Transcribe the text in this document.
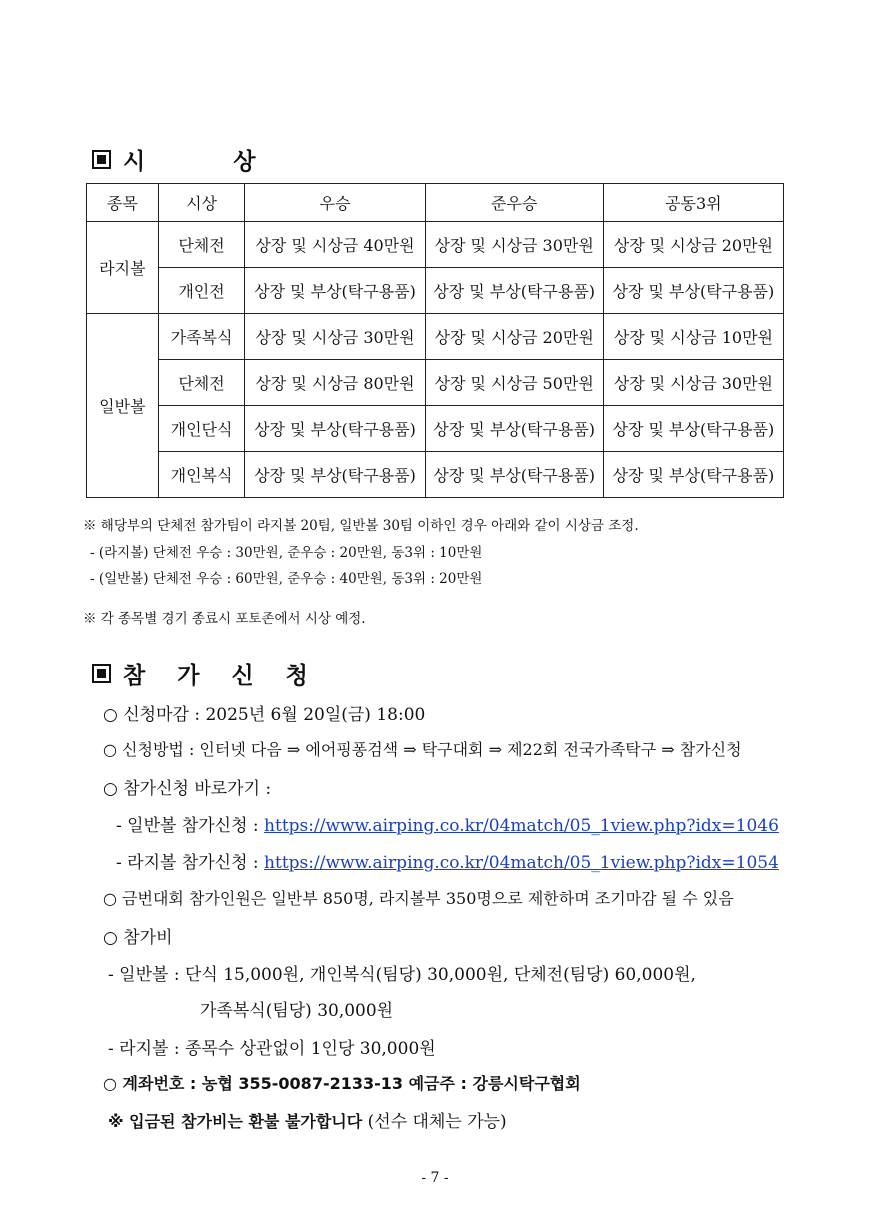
시 상
종목	시상	우승	준우승	공동3위
라지볼	단체전	상장 및 시상금 40만원	상장 및 시상금 30만원	상장 및 시상금 20만원
	개인전	상장 및 부상(탁구용품)	상장 및 부상(탁구용품)	상장 및 부상(탁구용품)
일반볼	가족복식	상장 및 시상금 30만원	상장 및 시상금 20만원	상장 및 시상금 10만원
	단체전	상장 및 시상금 80만원	상장 및 시상금 50만원	상장 및 시상금 30만원
	개인단식	상장 및 부상(탁구용품)	상장 및 부상(탁구용품)	상장 및 부상(탁구용품)
	개인복식	상장 및 부상(탁구용품)	상장 및 부상(탁구용품)	상장 및 부상(탁구용품)
※ 해당부의 단체전 참가팀이 라지볼 20팀, 일반볼 30팀 이하인 경우 아래와 같이 시상금 조정.
- (라지볼) 단체전 우승 : 30만원, 준우승 : 20만원, 동3위 : 10만원
- (일반볼) 단체전 우승 : 60만원, 준우승 : 40만원, 동3위 : 20만원
※ 각 종목별 경기 종료시 포토존에서 시상 예정.
참 가 신 청
○ 신청마감 : 2025년 6월 20일(금) 18:00
○ 신청방법 : 인터넷 다음 ⇒ 에어핑퐁검색 ⇒ 탁구대회 ⇒ 제22회 전국가족탁구 ⇒ 참가신청
○ 참가신청 바로가기 :
- 일반볼 참가신청 : https://www.airping.co.kr/04match/05_1view.php?idx=1046
- 라지볼 참가신청 : https://www.airping.co.kr/04match/05_1view.php?idx=1054
○ 금번대회 참가인원은 일반부 850명, 라지볼부 350명으로 제한하며 조기마감 될 수 있음
○ 참가비
- 일반볼 : 단식 15,000원, 개인복식(팀당) 30,000원, 단체전(팀당) 60,000원,
가족복식(팀당) 30,000원
- 라지볼 : 종목수 상관없이 1인당 30,000원
○ 계좌번호 : 농협 355-0087-2133-13 예금주 : 강릉시탁구협회
※ 입금된 참가비는 환불 불가합니다 (선수 대체는 가능)
- 7 -
